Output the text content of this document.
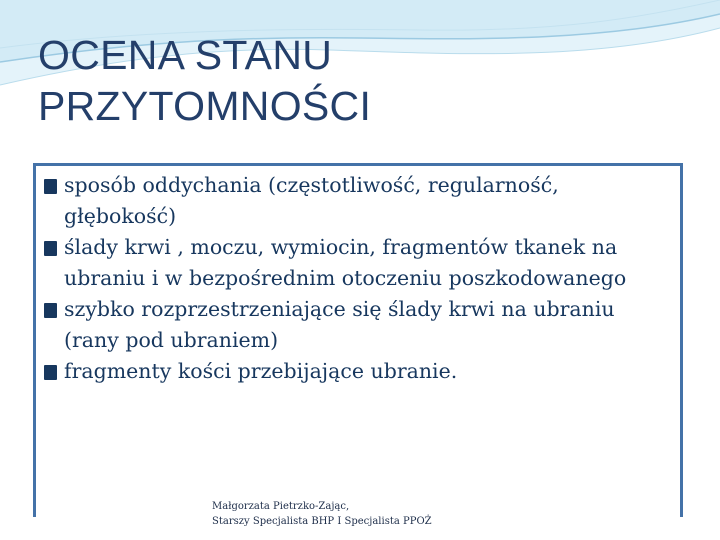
OCENA STANU
PRZYTOMNOŚCI
sposób oddychania (częstotliwość, regularność, głębokość)
ślady krwi , moczu, wymiocin, fragmentów tkanek na ubraniu i w bezpośrednim otoczeniu poszkodowanego
szybko rozprzestrzeniające się ślady krwi na ubraniu (rany pod ubraniem)
fragmenty kości przebijające ubranie.
Małgorzata Pietrzko-Zając,
Starszy Specjalista BHP I Specjalista PPOŻ
